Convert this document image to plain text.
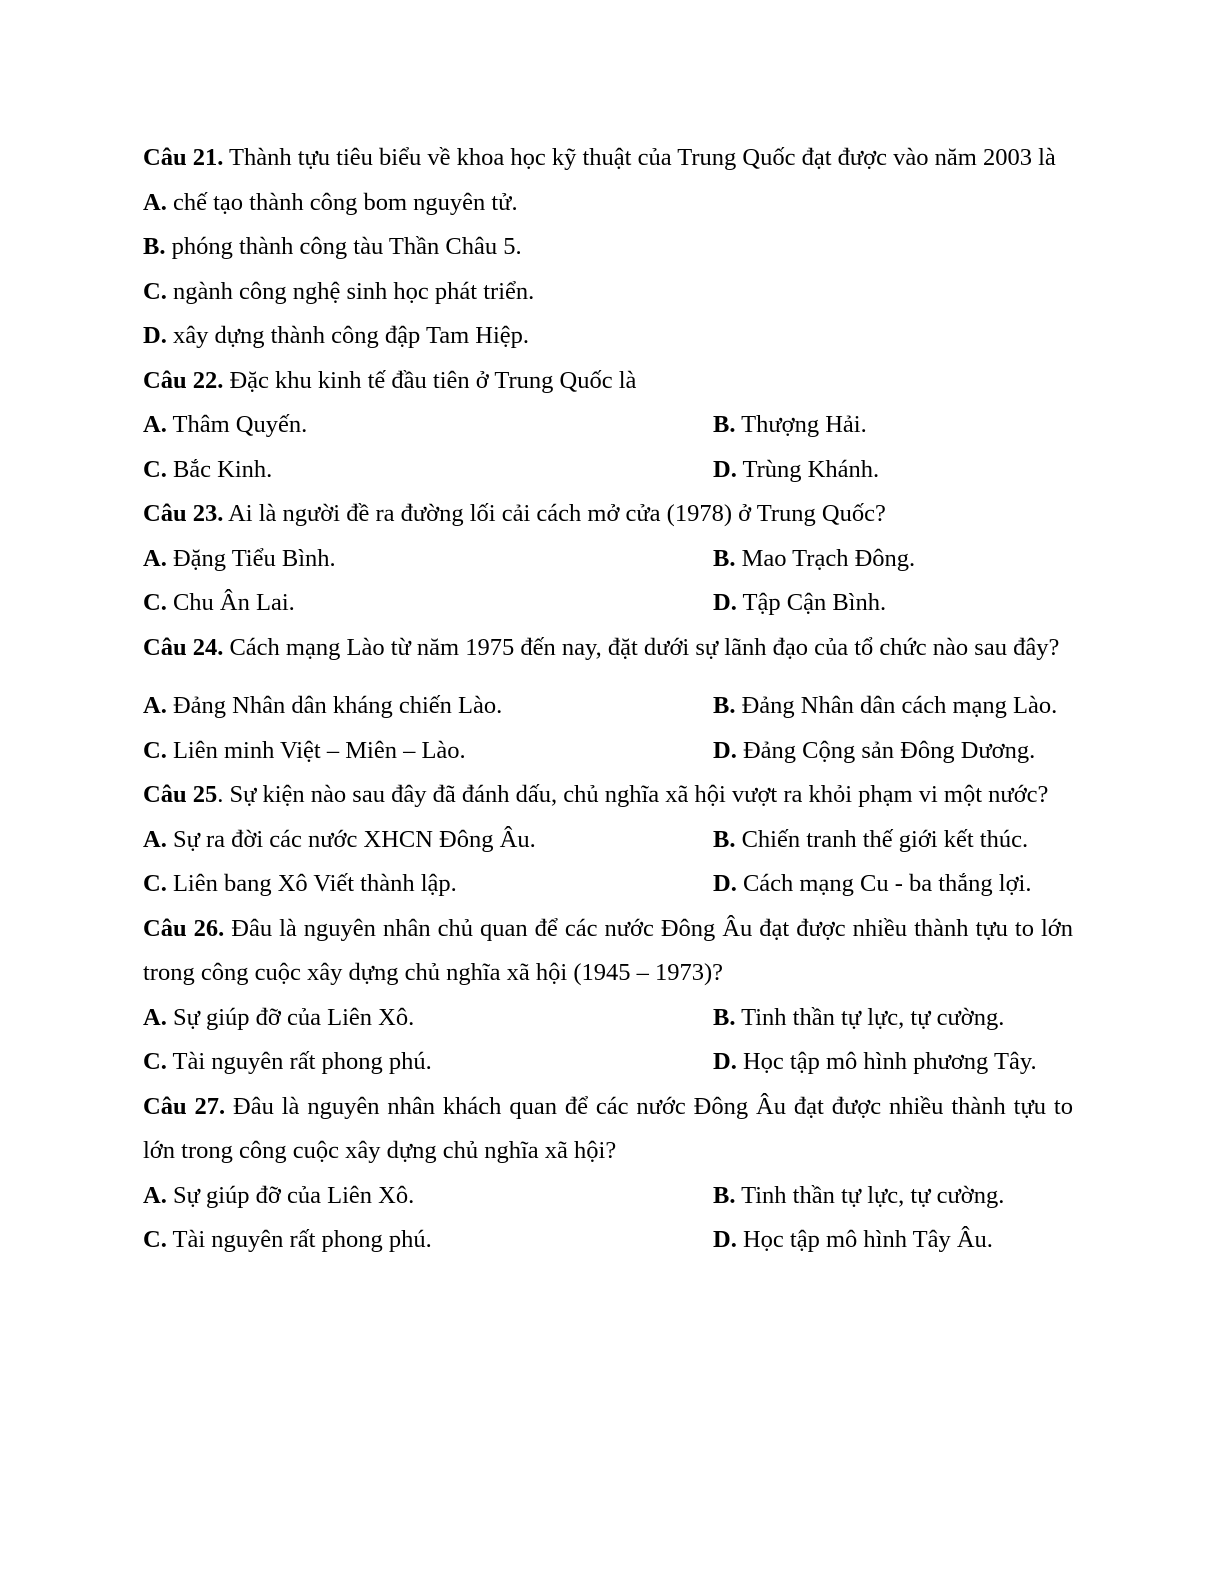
Câu 21. Thành tựu tiêu biểu về khoa học kỹ thuật của Trung Quốc đạt được vào năm 2003 là
A. chế tạo thành công bom nguyên tử.
B. phóng thành công tàu Thần Châu 5.
C. ngành công nghệ sinh học phát triển.
D. xây dựng thành công đập Tam Hiệp.
Câu 22. Đặc khu kinh tế đầu tiên ở Trung Quốc là
A. Thâm Quyến.	B. Thượng Hải.
C. Bắc Kinh.	D. Trùng Khánh.
Câu 23. Ai là người đề ra đường lối cải cách mở cửa (1978) ở Trung Quốc?
A. Đặng Tiểu Bình.	B. Mao Trạch Đông.
C. Chu Ân Lai.	D. Tập Cận Bình.
Câu 24. Cách mạng Lào từ năm 1975 đến nay, đặt dưới sự lãnh đạo của tổ chức nào sau đây?
A. Đảng Nhân dân kháng chiến Lào.	B. Đảng Nhân dân cách mạng Lào.
C. Liên minh Việt – Miên – Lào.	D. Đảng Cộng sản Đông Dương.
Câu 25. Sự kiện nào sau đây đã đánh dấu, chủ nghĩa xã hội vượt ra khỏi phạm vi một nước?
A. Sự ra đời các nước XHCN Đông Âu.	B. Chiến tranh thế giới kết thúc.
C. Liên bang Xô Viết thành lập.	D. Cách mạng Cu - ba thắng lợi.
Câu 26. Đâu là nguyên nhân chủ quan để các nước Đông Âu đạt được nhiều thành tựu to lớn trong công cuộc xây dựng chủ nghĩa xã hội (1945 – 1973)?
A. Sự giúp đỡ của Liên Xô.	B. Tinh thần tự lực, tự cường.
C. Tài nguyên rất phong phú.	D. Học tập mô hình phương Tây.
Câu 27. Đâu là nguyên nhân khách quan để các nước Đông Âu đạt được nhiều thành tựu to lớn trong công cuộc xây dựng chủ nghĩa xã hội?
A. Sự giúp đỡ của Liên Xô.	B. Tinh thần tự lực, tự cường.
C. Tài nguyên rất phong phú.	D. Học tập mô hình Tây Âu.
